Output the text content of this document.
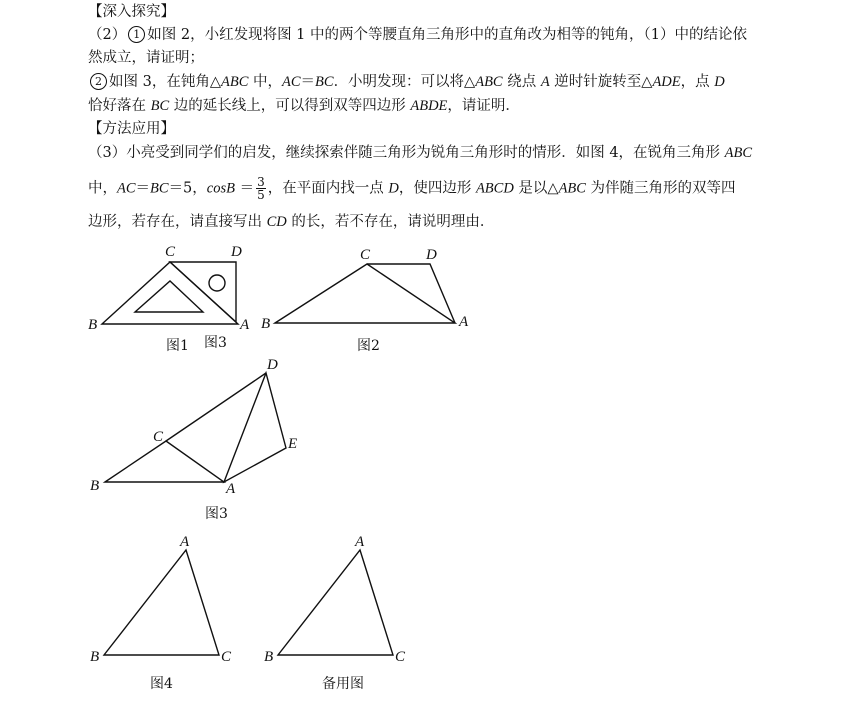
【深入探究】
（2） 1 如图 2，小红发现将图 1 中的两个等腰直角三角形中的直角改为相等的钝角，（1）中的结论依
然成立，请证明；
2 如图 3，在钝角△ABC 中，AC＝BC．小明发现：可以将△ABC 绕点 A 逆时针旋转至△ADE，点 D
恰好落在 BC 边的延长线上，可以得到双等四边形 ABDE，请证明．
【方法应用】
（3）小亮受到同学们的启发，继续探索伴随三角形为锐角三角形时的情形．如图 4，在锐角三角形 ABC
中，AC＝BC＝5，$\cos B = \frac{3}{5}$ ，在平面内找一点 D，使四边形 ABCD 是以△ABC 为伴随三角形的双等四
边形，若存在，请直接写出 CD 的长，若不存在，请说明理由．
C	D
B	A
图1 图3
C	D
B	A
图2
D
C	E
B	A
图3
A
B	C
图4
A
B	C
备用图
